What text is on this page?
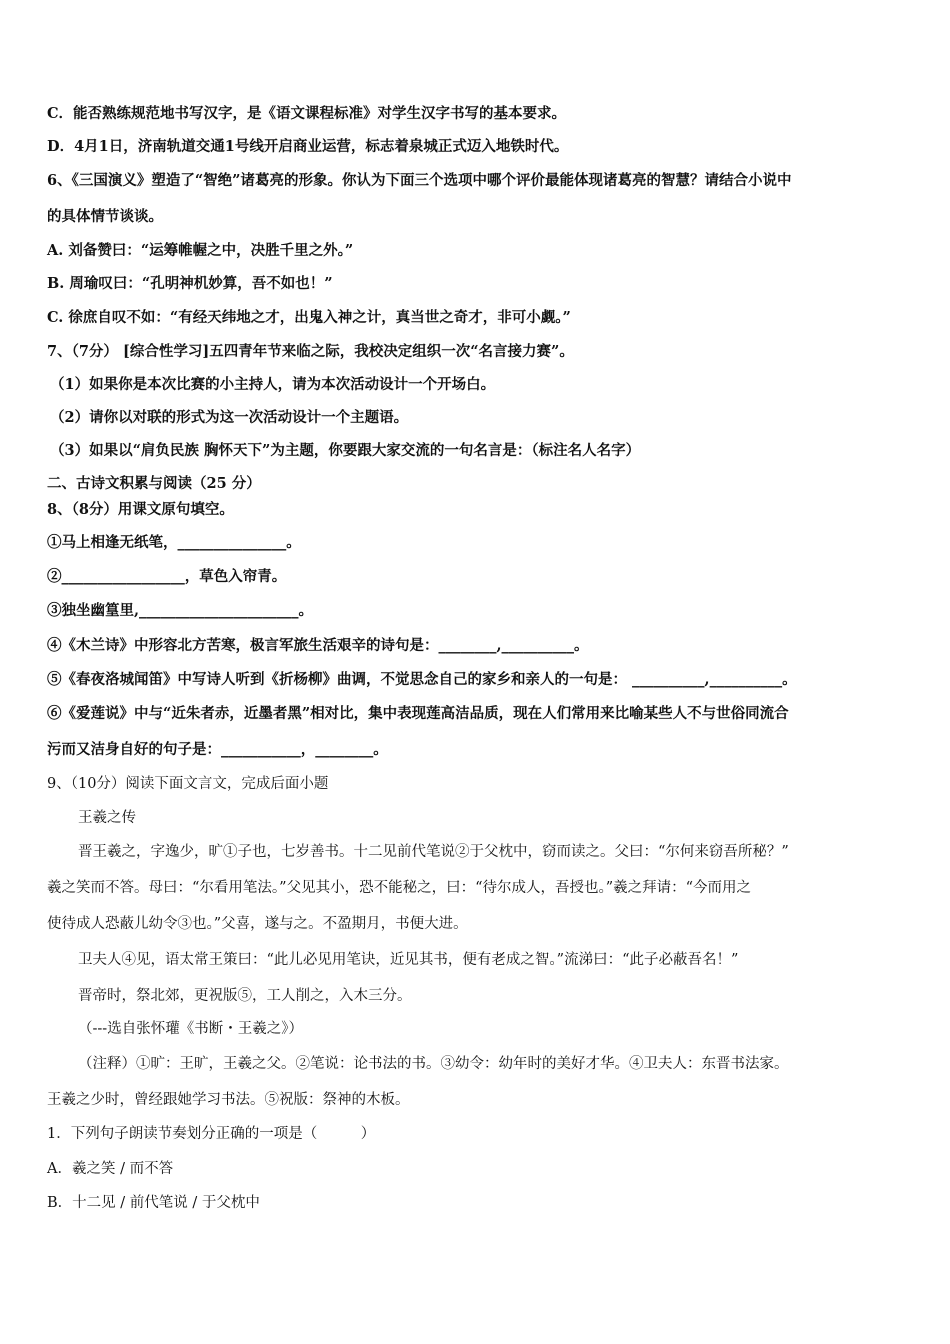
C．能否熟练规范地书写汉字，是《语文课程标准》对学生汉字书写的基本要求。
D．4月1日，济南轨道交通1号线开启商业运营，标志着泉城正式迈入地铁时代。
6、《三国演义》塑造了“智绝”诸葛亮的形象。你认为下面三个选项中哪个评价最能体现诸葛亮的智慧？请结合小说中
的具体情节谈谈。
A. 刘备赞曰：“运筹帷幄之中，决胜千里之外。”
B. 周瑜叹曰：“孔明神机妙算，吾不如也！”
C. 徐庶自叹不如：“有经天纬地之才，出鬼入神之计，真当世之奇才，非可小觑。”
7、（7分） [综合性学习]五四青年节来临之际，我校决定组织一次“名言接力赛”。
（1）如果你是本次比赛的小主持人，请为本次活动设计一个开场白。
（2）请你以对联的形式为这一次活动设计一个主题语。
（3）如果以“肩负民族 胸怀天下”为主题，你要跟大家交流的一句名言是：（标注名人名字）
二、古诗文积累与阅读（25 分）
8、（8分）用课文原句填空。
①马上相逢无纸笔，_______________。
②_________________，草色入帘青。
③独坐幽篁里,______________________。
④《木兰诗》中形容北方苦寒，极言军旅生活艰辛的诗句是：________,__________。
⑤《春夜洛城闻笛》中写诗人听到《折杨柳》曲调，不觉思念自己的家乡和亲人的一句是： __________,__________。
⑥《爱莲说》中与“近朱者赤，近墨者黑”相对比，集中表现莲高洁品质，现在人们常用来比喻某些人不与世俗同流合
污而又洁身自好的句子是：___________，________。
9、（10分）阅读下面文言文，完成后面小题
王羲之传
晋王羲之，字逸少，旷①子也，七岁善书。十二见前代笔说②于父枕中，窃而读之。父曰：“尔何来窃吾所秘？”
羲之笑而不答。母曰：“尔看用笔法。”父见其小，恐不能秘之，曰：“待尔成人，吾授也。”羲之拜请：“今而用之
使待成人恐蔽儿幼令③也。”父喜，遂与之。不盈期月，书便大进。
卫夫人④见，语太常王策曰：“此儿必见用笔诀，近见其书，便有老成之智。”流涕曰：“此子必蔽吾名！”
晋帝时，祭北郊，更祝版⑤，工人削之，入木三分。
（---选自张怀瓘《书断・王羲之》）
（注释）①旷：王旷，王羲之父。②笔说：论书法的书。③幼令：幼年时的美好才华。④卫夫人：东晋书法家。
王羲之少时，曾经跟她学习书法。⑤祝版：祭神的木板。
1．下列句子朗读节奏划分正确的一项是（　　　）
A．羲之笑 / 而不答
B．十二见 / 前代笔说 / 于父枕中
